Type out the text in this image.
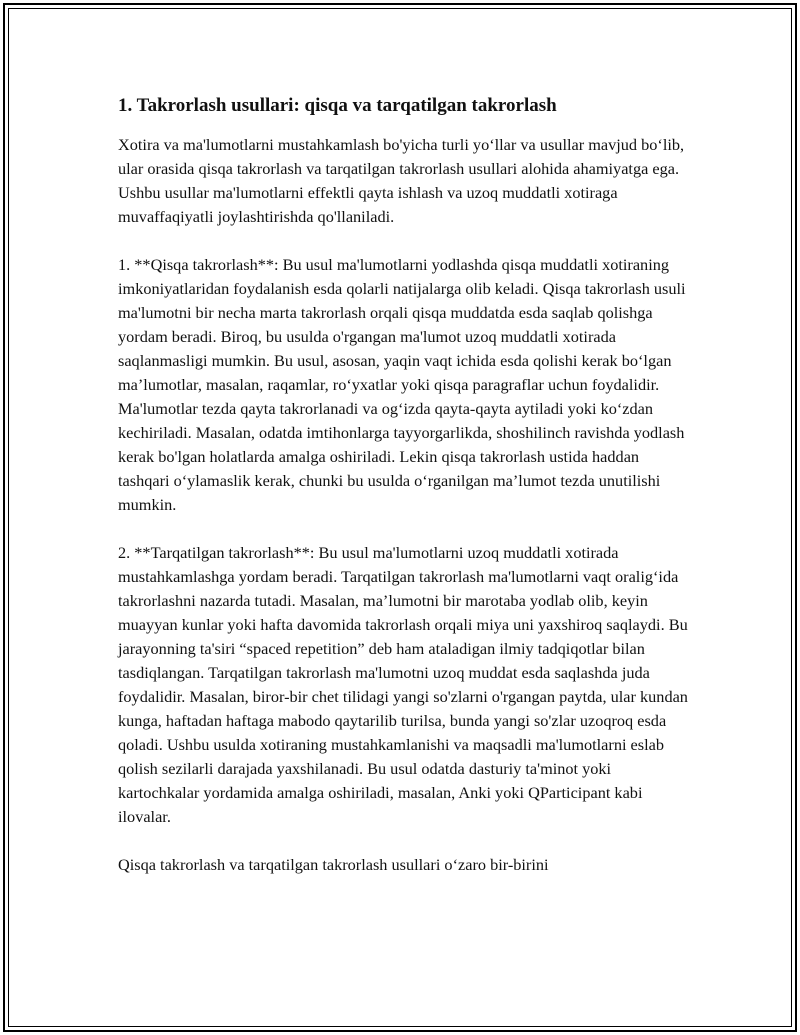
1. Takrorlash usullari: qisqa va tarqatilgan takrorlash

Xotira va ma'lumotlarni mustahkamlash bo'yicha turli yo‘llar va usullar mavjud bo‘lib, ular orasida qisqa takrorlash va tarqatilgan takrorlash usullari alohida ahamiyatga ega. Ushbu usullar ma'lumotlarni effektli qayta ishlash va uzoq muddatli xotiraga muvaffaqiyatli joylashtirishda qo'llaniladi.

1. **Qisqa takrorlash**: Bu usul ma'lumotlarni yodlashda qisqa muddatli xotiraning imkoniyatlaridan foydalanish esda qolarli natijalarga olib keladi. Qisqa takrorlash usuli ma'lumotni bir necha marta takrorlash orqali qisqa muddatda esda saqlab qolishga yordam beradi. Biroq, bu usulda o'rgangan ma'lumot uzoq muddatli xotirada saqlanmasligi mumkin. Bu usul, asosan, yaqin vaqt ichida esda qolishi kerak bo‘lgan ma’lumotlar, masalan, raqamlar, ro‘yxatlar yoki qisqa paragraflar uchun foydalidir. Ma'lumotlar tezda qayta takrorlanadi va og‘izda qayta-qayta aytiladi yoki ko‘zdan kechiriladi. Masalan, odatda imtihonlarga tayyorgarlikda, shoshilinch ravishda yodlash kerak bo'lgan holatlarda amalga oshiriladi. Lekin qisqa takrorlash ustida haddan tashqari o‘ylamaslik kerak, chunki bu usulda o‘rganilgan ma’lumot tezda unutilishi mumkin.

2. **Tarqatilgan takrorlash**: Bu usul ma'lumotlarni uzoq muddatli xotirada mustahkamlashga yordam beradi. Tarqatilgan takrorlash ma'lumotlarni vaqt oralig‘ida takrorlashni nazarda tutadi. Masalan, ma’lumotni bir marotaba yodlab olib, keyin muayyan kunlar yoki hafta davomida takrorlash orqali miya uni yaxshiroq saqlaydi. Bu jarayonning ta'siri “spaced repetition” deb ham ataladigan ilmiy tadqiqotlar bilan tasdiqlangan. Tarqatilgan takrorlash ma'lumotni uzoq muddat esda saqlashda juda foydalidir. Masalan, biror-bir chet tilidagi yangi so'zlarni o'rgangan paytda, ular kundan kunga, haftadan haftaga mabodo qaytarilib turilsa, bunda yangi so'zlar uzoqroq esda qoladi. Ushbu usulda xotiraning mustahkamlanishi va maqsadli ma'lumotlarni eslab qolish sezilarli darajada yaxshilanadi. Bu usul odatda dasturiy ta'minot yoki kartochkalar yordamida amalga oshiriladi, masalan, Anki yoki QParticipant kabi ilovalar.

Qisqa takrorlash va tarqatilgan takrorlash usullari o‘zaro bir-birini
